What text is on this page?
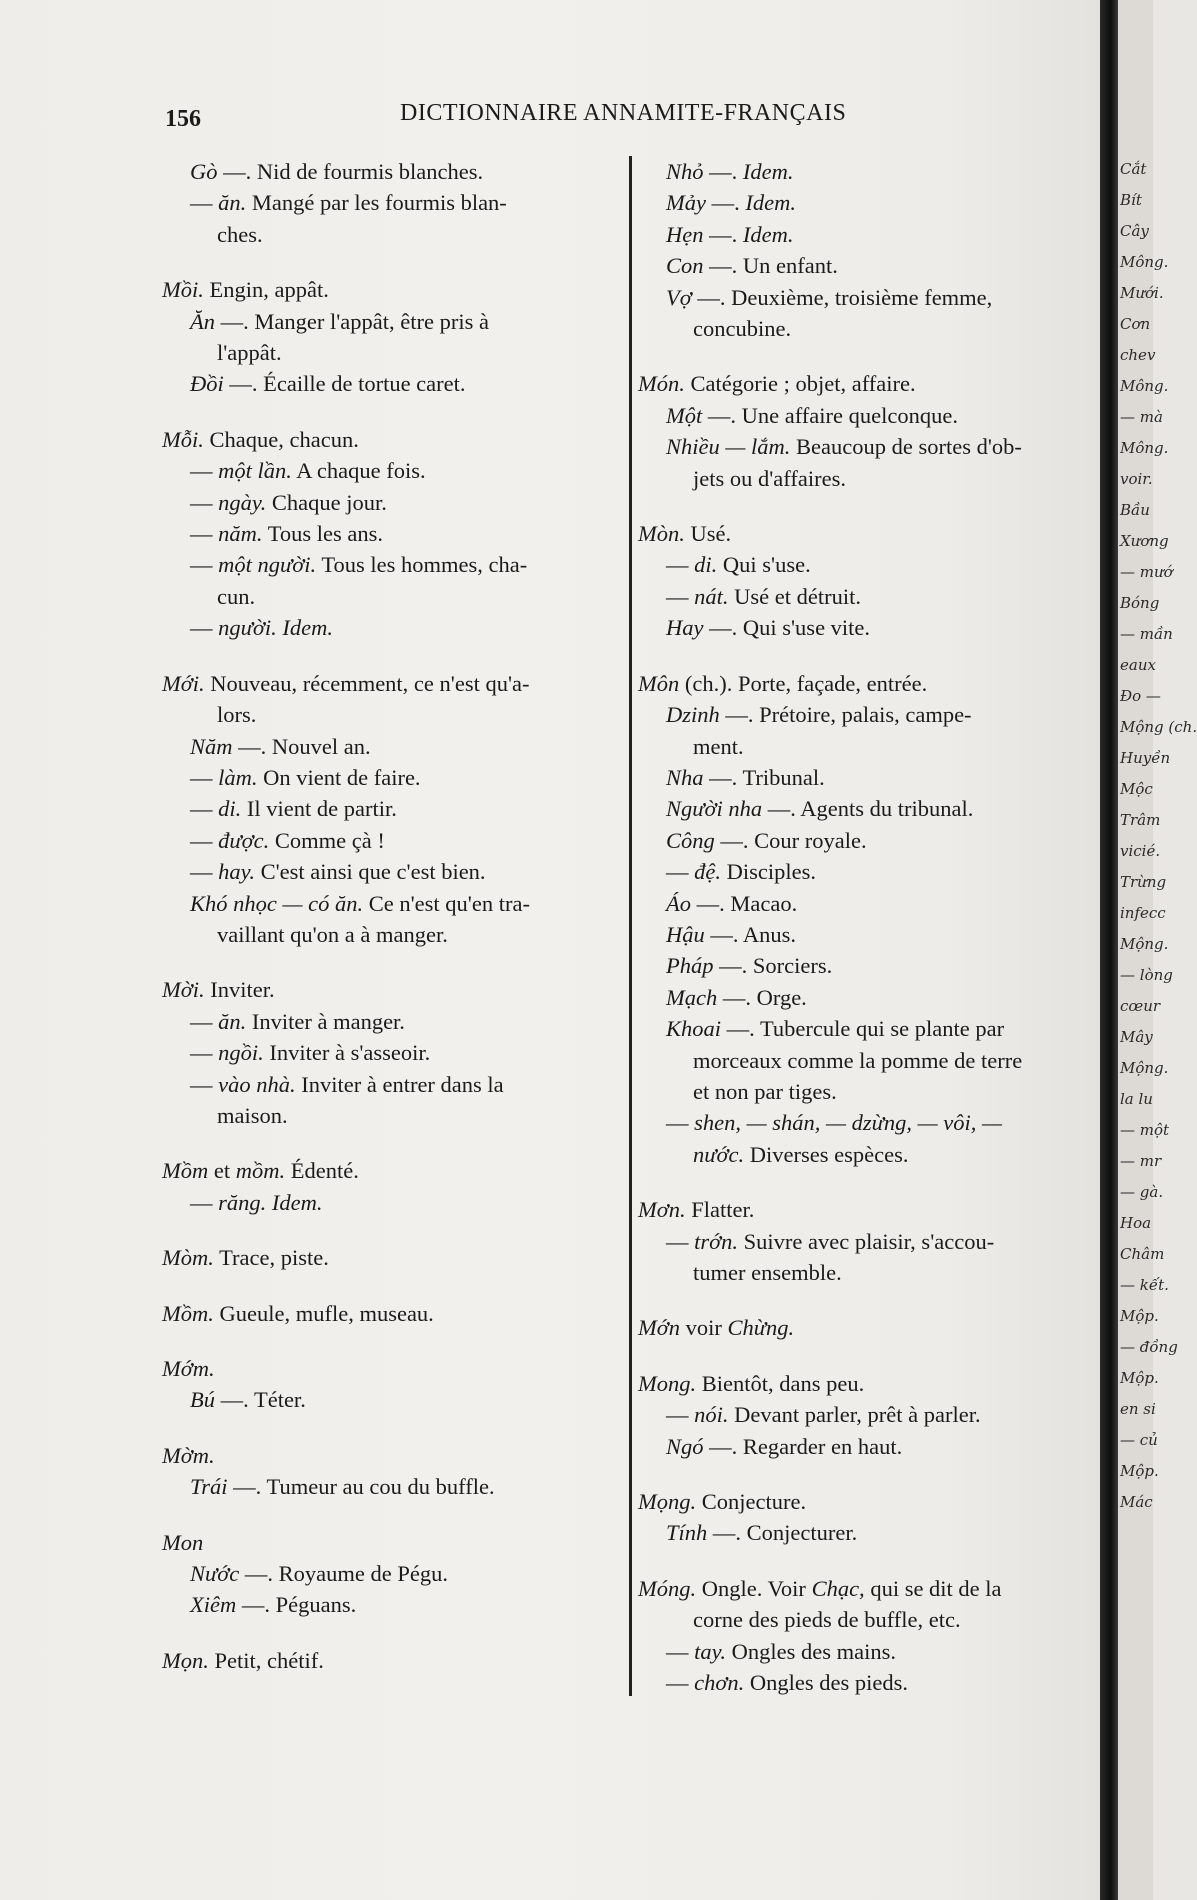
156	DICTIONNAIRE ANNAMITE-FRANÇAIS
Gò —. Nid de fourmis blanches.
— ăn. Mangé par les fourmis blan-
ches.
Mồi. Engin, appât.
Ăn —. Manger l'appât, être pris à
l'appât.
Đồi —. Écaille de tortue caret.
Mỗi. Chaque, chacun.
— một lần. A chaque fois.
— ngày. Chaque jour.
— năm. Tous les ans.
— một người. Tous les hommes, cha-
cun.
— người. Idem.
Mới. Nouveau, récemment, ce n'est qu'a-
lors.
Năm —. Nouvel an.
— làm. On vient de faire.
— di. Il vient de partir.
— được. Comme çà !
— hay. C'est ainsi que c'est bien.
Khó nhọc — có ăn. Ce n'est qu'en tra-
vaillant qu'on a à manger.
Mời. Inviter.
— ăn. Inviter à manger.
— ngồi. Inviter à s'asseoir.
— vào nhà. Inviter à entrer dans la
maison.
Mồm et mồm. Édenté.
— răng. Idem.
Mòm. Trace, piste.
Mồm. Gueule, mufle, museau.
Mớm.
Bú —. Téter.
Mờm.
Trái —. Tumeur au cou du buffle.
Mon
Nước —. Royaume de Pégu.
Xiêm —. Péguans.
Mọn. Petit, chétif.
Nhỏ —. Idem.
Mảy —. Idem.
Hẹn —. Idem.
Con —. Un enfant.
Vợ —. Deuxième, troisième femme,
concubine.
Món. Catégorie ; objet, affaire.
Một —. Une affaire quelconque.
Nhiều — lắm. Beaucoup de sortes d'ob-
jets ou d'affaires.
Mòn. Usé.
— di. Qui s'use.
— nát. Usé et détruit.
Hay —. Qui s'use vite.
Môn (ch.). Porte, façade, entrée.
Dzinh —. Prétoire, palais, campe-
ment.
Nha —. Tribunal.
Người nha —. Agents du tribunal.
Công —. Cour royale.
— đệ. Disciples.
Áo —. Macao.
Hậu —. Anus.
Pháp —. Sorciers.
Mạch —. Orge.
Khoai —. Tubercule qui se plante par
morceaux comme la pomme de terre
et non par tiges.
— shen, — shán, — dzừng, — vôi, —
nước. Diverses espèces.
Mơn. Flatter.
— trớn. Suivre avec plaisir, s'accou-
tumer ensemble.
Mớn voir Chừng.
Mong. Bientôt, dans peu.
— nói. Devant parler, prêt à parler.
Ngó —. Regarder en haut.
Mọng. Conjecture.
Tính —. Conjecturer.
Móng. Ongle. Voir Chạc, qui se dit de la
corne des pieds de buffle, etc.
— tay. Ongles des mains.
— chơn. Ongles des pieds.
Cắt
Bít
Cây
Mông.
Mưới.
Cơn
chev
Mông.
— mà
Mông.
voir.
Bầu
Xương
— mướ
Bóng
— mần
eaux
Đo —
Mộng (ch.
Huyền
Mộc
Trâm
vicié.
Trừng
infecc
Mộng.
— lòng
cœur
Mây
Mộng.
la lu
— một
— mr
— gà.
Hoa
Châm
— kết.
Mộp.
— đồng
Mộp.
en si
— củ
Mộp.
Mác
